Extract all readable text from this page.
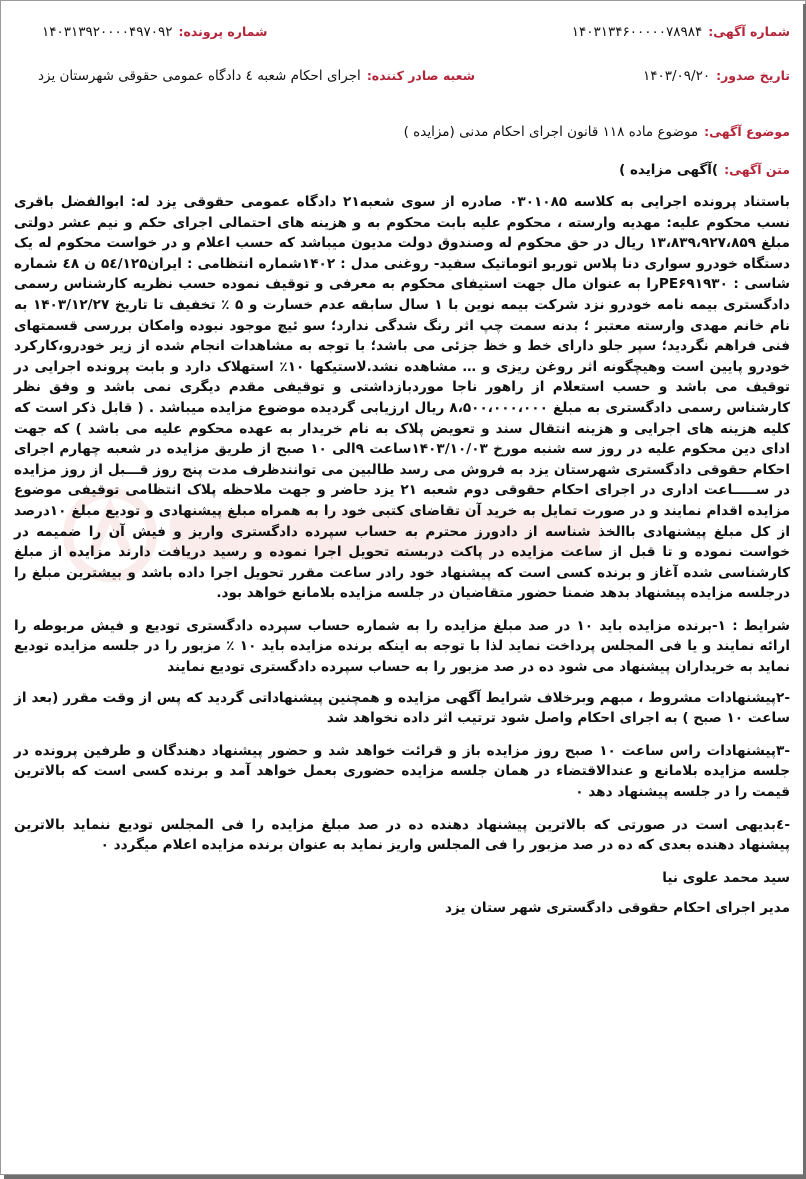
شماره آگهی:
۱۴۰۳۱۳۴۶۰۰۰۰۰۷۸۹۸۴
شماره پرونده:
۱۴۰۳۱۳۹۲۰۰۰۰۴۹۷۰۹۲
تاریخ صدور:
۱۴۰۳/۰۹/۲۰
شعبه صادر کننده:
اجرای احکام شعبه ٤ دادگاه عمومی حقوقی شهرستان یزد
موضوع آگهی:
موضوع ماده ۱۱۸ قانون اجرای احکام مدنی (مزایده )
متن آگهی:
)آگهی مزایده )
باستناد پرونده اجرایی به کلاسه ۰۳۰۱۰۸۵ صادره از سوی شعبه۲۱ دادگاه عمومی حقوقی یزد له: ابوالفضل باقری نسب محکوم علیه: مهدیه وارسته ، محکوم علیه بابت محکوم به و هزینه های احتمالی اجرای حکم و نیم عشر دولتی مبلغ ۱۳،۸۳۹،۹۲۷،۸۵۹ ریال در حق محکوم له وصندوق دولت مدیون میباشد که حسب اعلام و در خواست محکوم له یک دستگاه خودرو سواری دنا پلاس توربو اتوماتیک سفید- روغنی مدل : ۱۴۰۲شماره انتظامی : ایران۵٤/۱۲۵ ن ٤۸ شماره شاسی : PE۶۹۱۹۳۰را به عنوان مال جهت استیفای محکوم به معرفی و توقیف نموده حسب نظریه کارشناس رسمی دادگستری بیمه نامه خودرو نزد شرکت بیمه نوین با ۱ سال سابقه عدم خسارت و ۵ ٪ تخفیف تا تاریخ ۱۴۰۳/۱۲/۲۷ به نام خانم مهدی وارسته معتبر ؛ بدنه سمت چپ اثر رنگ شدگی ندارد؛ سو ئیچ موجود نبوده وامکان بررسی قسمتهای فنی فراهم نگردید؛ سپر جلو دارای خط و خظ جزئی می باشد؛ با توجه به مشاهدات انجام شده از زیر خودرو،کارکرد خودرو پایین است وهیچگونه اثر روغن ریزی و … مشاهده نشد.لاستیکها ۱۰٪ استهلاک دارد و بابت پرونده اجرایی در توقیف می باشد و حسب استعلام از راهور ناجا موردبازداشتی و توقیفی مقدم دیگری نمی باشد و وفق نظر کارشناس رسمی دادگستری به مبلغ ۸،۵۰۰،۰۰۰،۰۰۰ ریال ارزیابی گردیده موضوع مزایده میباشد . ( قابل ذکر است که کلیه هزینه های اجرایی و هزینه انتقال سند و تعویض پلاک به نام خریدار به عهده محکوم علیه می باشد ) که جهت ادای دین محکوم علیه در روز سه شنبه مورخ ۱۴۰۳/۱۰/۰۳ساعت ۹الی ۱۰ صبح از طریق مزایده در شعبه چهارم اجرای احکام حقوقی دادگستری شهرستان یزد به فروش می رسد طالبین می توانندظرف مدت پنج روز قـــبل از روز مزایده در ســـــاعت اداری در اجرای احکام حقوقی دوم شعبه ۲۱ یزد حاضر و جهت ملاحظه پلاک انتظامی توقیفی موضوع مزایده اقدام نمایند و در صورت تمایل به خرید آن تقاضای کتبی خود را به همراه مبلغ پیشنهادی و تودیع مبلغ ۱۰درصد از کل مبلغ پیشنهادی باالخذ شناسه از دادورز محترم به حساب سپرده دادگستری واریز و فیش آن را ضمیمه در خواست نموده و تا قبل از ساعت مزایده در پاکت دربسته تحویل اجرا نموده و رسید دریافت دارند مزایده از مبلغ کارشناسی شده آغاز و برنده کسی است که پیشنهاد خود رادر ساعت مقرر تحویل اجرا داده باشد و بیشترین مبلغ را درجلسه مزایده پیشنهاد بدهد ضمنا حضور متقاضیان در جلسه مزایده بلامانع خواهد بود.
شرایط : ۱-برنده مزایده باید ۱۰ در صد مبلغ مزایده را به شماره حساب سپرده دادگستری تودیع و فیش مربوطه را ارائه نمایند و یا فی المجلس پرداخت نماید لذا با توجه به اینکه برنده مزایده باید ۱۰ ٪ مزبور را در جلسه مزایده تودیع نماید به خریداران پیشنهاد می شود ده در صد مزبور را به حساب سپرده دادگستری تودیع نمایند
-۲پیشنهادات مشروط ، مبهم وبرخلاف شرایط آگهی مزایده و همچنین پیشنهاداتی گردید که پس از وقت مقرر (بعد از ساعت ۱۰ صبح ) به اجرای احکام واصل شود ترتیب اثر داده نخواهد شد
-۳پیشنهادات راس ساعت ۱۰ صبح روز مزایده باز و قرائت خواهد شد و حضور پیشنهاد دهندگان و طرفین پرونده در جلسه مزایده بلامانع و عندالاقتضاء در همان جلسه مزایده حضوری بعمل خواهد آمد و برنده کسی است که بالاترین قیمت را در جلسه پیشنهاد دهد ٠
-٤بدیهی است در صورتی که بالاترین پیشنهاد دهنده ده در صد مبلغ مزایده را فی المجلس تودیع ننماید بالاترین پیشنهاد دهنده بعدی که ده در صد مزبور را فی المجلس واریز نماید به عنوان برنده مزایده اعلام میگردد ٠
سید محمد علوی نیا
مدیر اجرای احکام حقوقی دادگستری شهر ستان یزد
